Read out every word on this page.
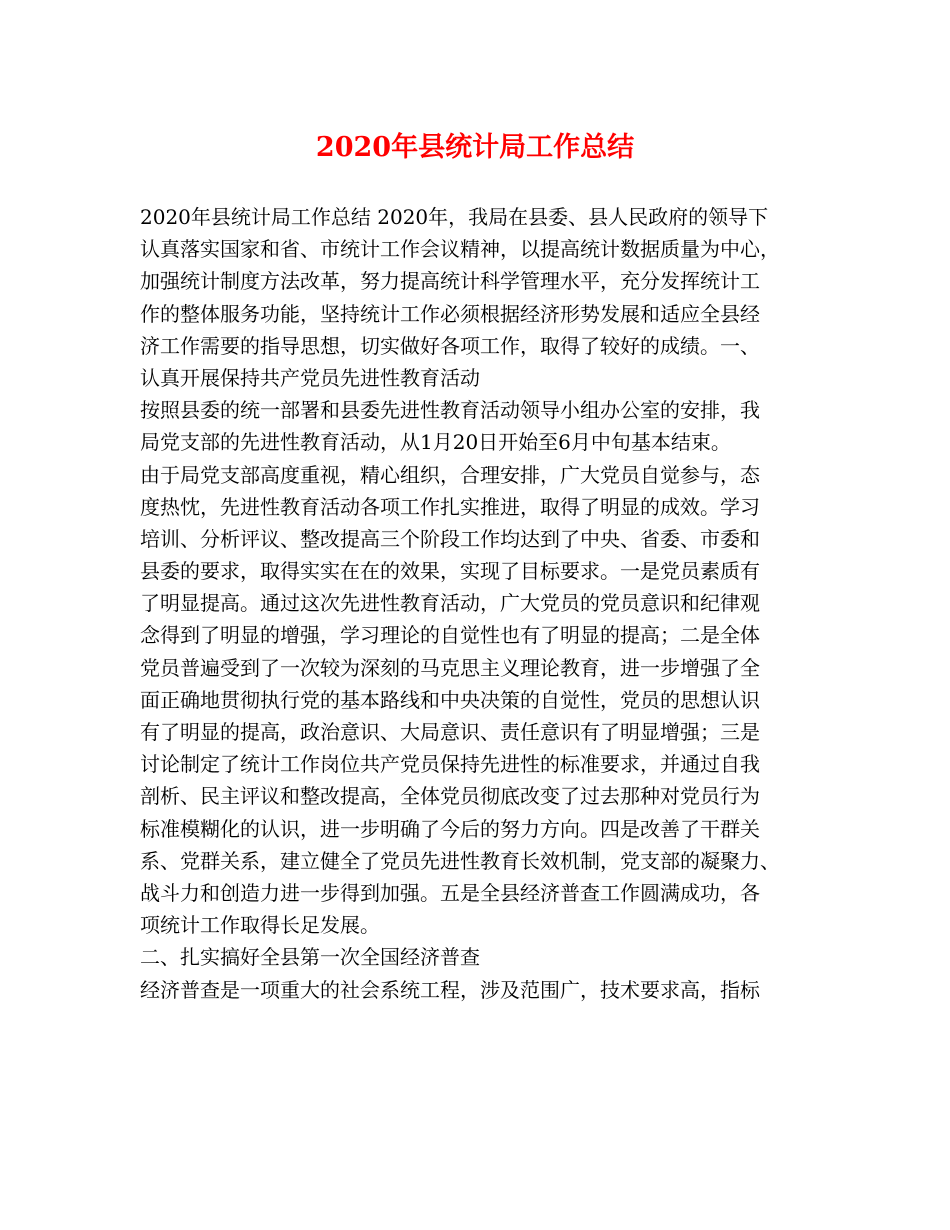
2020年县统计局工作总结
2020年县统计局工作总结 2020年，我局在县委、县人民政府的领导下
认真落实国家和省、市统计工作会议精神，以提高统计数据质量为中心，
加强统计制度方法改革，努力提高统计科学管理水平，充分发挥统计工
作的整体服务功能，坚持统计工作必须根据经济形势发展和适应全县经
济工作需要的指导思想，切实做好各项工作，取得了较好的成绩。一、
认真开展保持共产党员先进性教育活动
按照县委的统一部署和县委先进性教育活动领导小组办公室的安排，我
局党支部的先进性教育活动，从1月20日开始至6月中旬基本结束。
由于局党支部高度重视，精心组织，合理安排，广大党员自觉参与，态
度热忱，先进性教育活动各项工作扎实推进，取得了明显的成效。学习
培训、分析评议、整改提高三个阶段工作均达到了中央、省委、市委和
县委的要求，取得实实在在的效果，实现了目标要求。一是党员素质有
了明显提高。通过这次先进性教育活动，广大党员的党员意识和纪律观
念得到了明显的增强，学习理论的自觉性也有了明显的提高；二是全体
党员普遍受到了一次较为深刻的马克思主义理论教育，进一步增强了全
面正确地贯彻执行党的基本路线和中央决策的自觉性，党员的思想认识
有了明显的提高，政治意识、大局意识、责任意识有了明显增强；三是
讨论制定了统计工作岗位共产党员保持先进性的标准要求，并通过自我
剖析、民主评议和整改提高，全体党员彻底改变了过去那种对党员行为
标准模糊化的认识，进一步明确了今后的努力方向。四是改善了干群关
系、党群关系，建立健全了党员先进性教育长效机制，党支部的凝聚力、
战斗力和创造力进一步得到加强。五是全县经济普查工作圆满成功，各
项统计工作取得长足发展。
二、扎实搞好全县第一次全国经济普查
经济普查是一项重大的社会系统工程，涉及范围广，技术要求高，指标
